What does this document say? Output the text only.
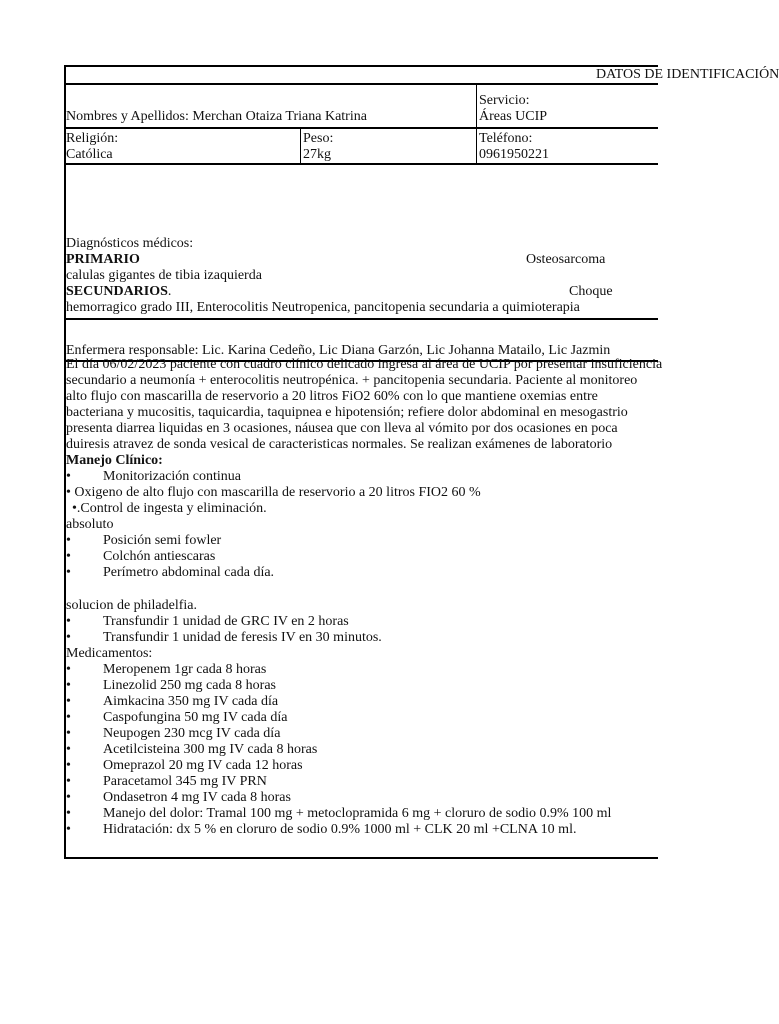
DATOS DE IDENTIFICACIÓN
Nombres y Apellidos: Merchan Otaiza Triana Katrina
Servicio:
Áreas UCIP
Religión:
Católica
Peso:
27kg
Teléfono:
0961950221
Diagnósticos médicos:
PRIMARIO	Osteosarcoma
calulas gigantes de tibia izaquierda
SECUNDARIOS.	Choque
hemorragico grado III, Enterocolitis Neutropenica, pancitopenia secundaria a quimioterapia
Enfermera responsable: Lic. Karina Cedeño, Lic Diana Garzón, Lic Johanna Matailo, Lic Jazmin
El día 06/02/2023 paciente con cuadro clínico delicado ingresa al área de UCIP por presentar insuficiencia
secundario a neumonía + enterocolitis neutropénica. + pancitopenia secundaria. Paciente al monitoreo
alto flujo con mascarilla de reservorio a 20 litros FiO2 60% con lo que mantiene oxemias entre
bacteriana y mucositis, taquicardia, taquipnea e hipotensión; refiere dolor abdominal en mesogastrio
presenta diarrea liquidas en 3 ocasiones, náusea que con lleva al vómito por dos ocasiones en poca
duiresis atravez de sonda vesical de caracteristicas normales. Se realizan exámenes de laboratorio
Manejo Clínico:
• Monitorización continua
• Oxigeno de alto flujo con mascarilla de reservorio a 20 litros FIO2 60 %
•.Control de ingesta y eliminación.
absoluto
• Posición semi fowler
• Colchón antiescaras
• Perímetro abdominal cada día.
solucion de philadelfia.
• Transfundir 1 unidad de GRC IV en 2 horas
• Transfundir 1 unidad de feresis IV en 30 minutos.
Medicamentos:
• Meropenem 1gr cada 8 horas
• Linezolid 250 mg cada 8 horas
• Aimkacina 350 mg IV cada día
• Caspofungina 50 mg IV cada día
• Neupogen 230 mcg IV cada día
• Acetilcisteina 300 mg IV cada 8 horas
• Omeprazol 20 mg IV cada 12 horas
• Paracetamol 345 mg IV PRN
• Ondasetron 4 mg IV cada 8 horas
• Manejo del dolor: Tramal 100 mg + metoclopramida 6 mg + cloruro de sodio 0.9% 100 ml
• Hidratación: dx 5 % en cloruro de sodio 0.9% 1000 ml + CLK 20 ml +CLNA 10 ml.
